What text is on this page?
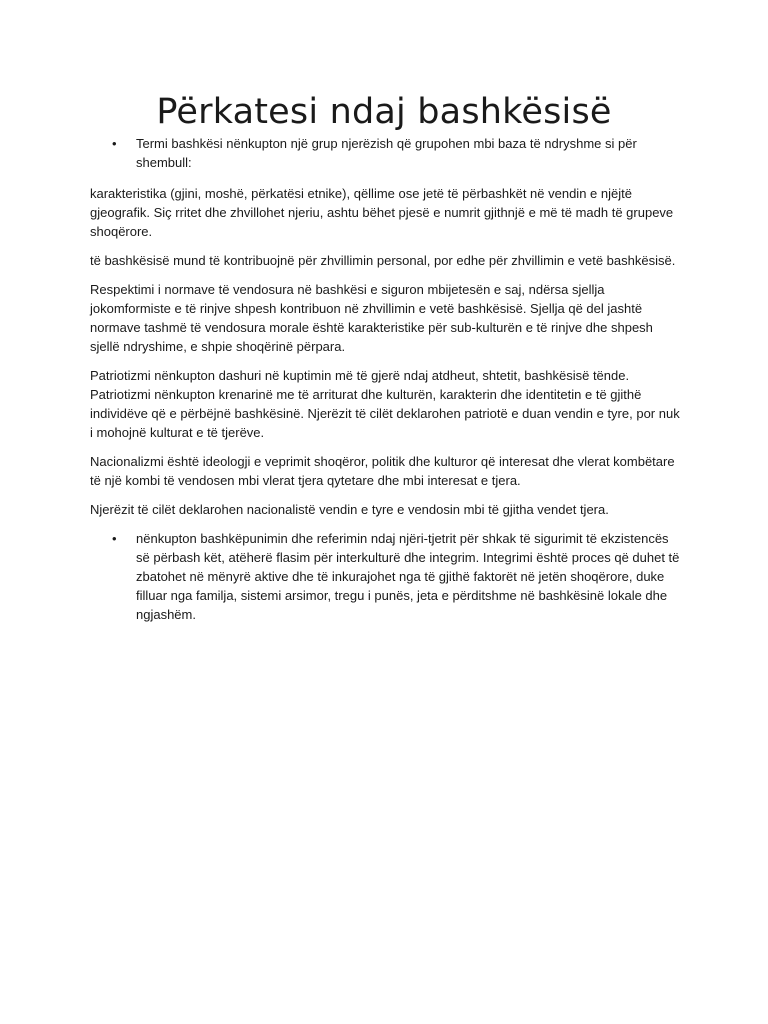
Përkatesi ndaj bashkësisë
• Termi bashkësi nënkupton një grup njerëzish që grupohen mbi baza të ndryshme si për shembull:

karakteristika (gjini, moshë, përkatësi etnike), qëllime ose jetë të përbashkët në vendin e njëjtë gjeografik. Siç rritet dhe zhvillohet njeriu, ashtu bëhet pjesë e numrit gjithnjë e më të madh të grupeve shoqërore.

të bashkësisë mund të kontribuojnë për zhvillimin personal, por edhe për zhvillimin e vetë bashkësisë.

Respektimi i normave të vendosura në bashkësi e siguron mbijetesën e saj, ndërsa sjellja jokomformiste e të rinjve shpesh kontribuon në zhvillimin e vetë bashkësisë. Sjellja që del jashtë normave tashmë të vendosura morale është karakteristike për sub-kulturën e të rinjve dhe shpesh sjellë ndryshime, e shpie shoqërinë përpara.

Patriotizmi nënkupton dashuri në kuptimin më të gjerë ndaj atdheut, shtetit, bashkësisë tënde. Patriotizmi nënkupton krenarinë me të arriturat dhe kulturën, karakterin dhe identitetin e të gjithë individëve që e përbëjnë bashkësinë. Njerëzit të cilët deklarohen patriotë e duan vendin e tyre, por nuk i mohojnë kulturat e të tjerëve.

Nacionalizmi është ideologji e veprimit shoqëror, politik dhe kulturor që interesat dhe vlerat kombëtare të një kombi të vendosen mbi vlerat tjera qytetare dhe mbi interesat e tjera.

Njerëzit të cilët deklarohen nacionalistë vendin e tyre e vendosin mbi të gjitha vendet tjera.

• nënkupton bashkëpunimin dhe referimin ndaj njëri-tjetrit për shkak të sigurimit të ekzistencës së përbash kët, atëherë flasim për interkulturë dhe integrim. Integrimi është proces që duhet të zbatohet në mënyrë aktive dhe të inkurajohet nga të gjithë faktorët në jetën shoqërore, duke filluar nga familja, sistemi arsimor, tregu i punës, jeta e përditshme në bashkësinë lokale dhe ngjashëm.
